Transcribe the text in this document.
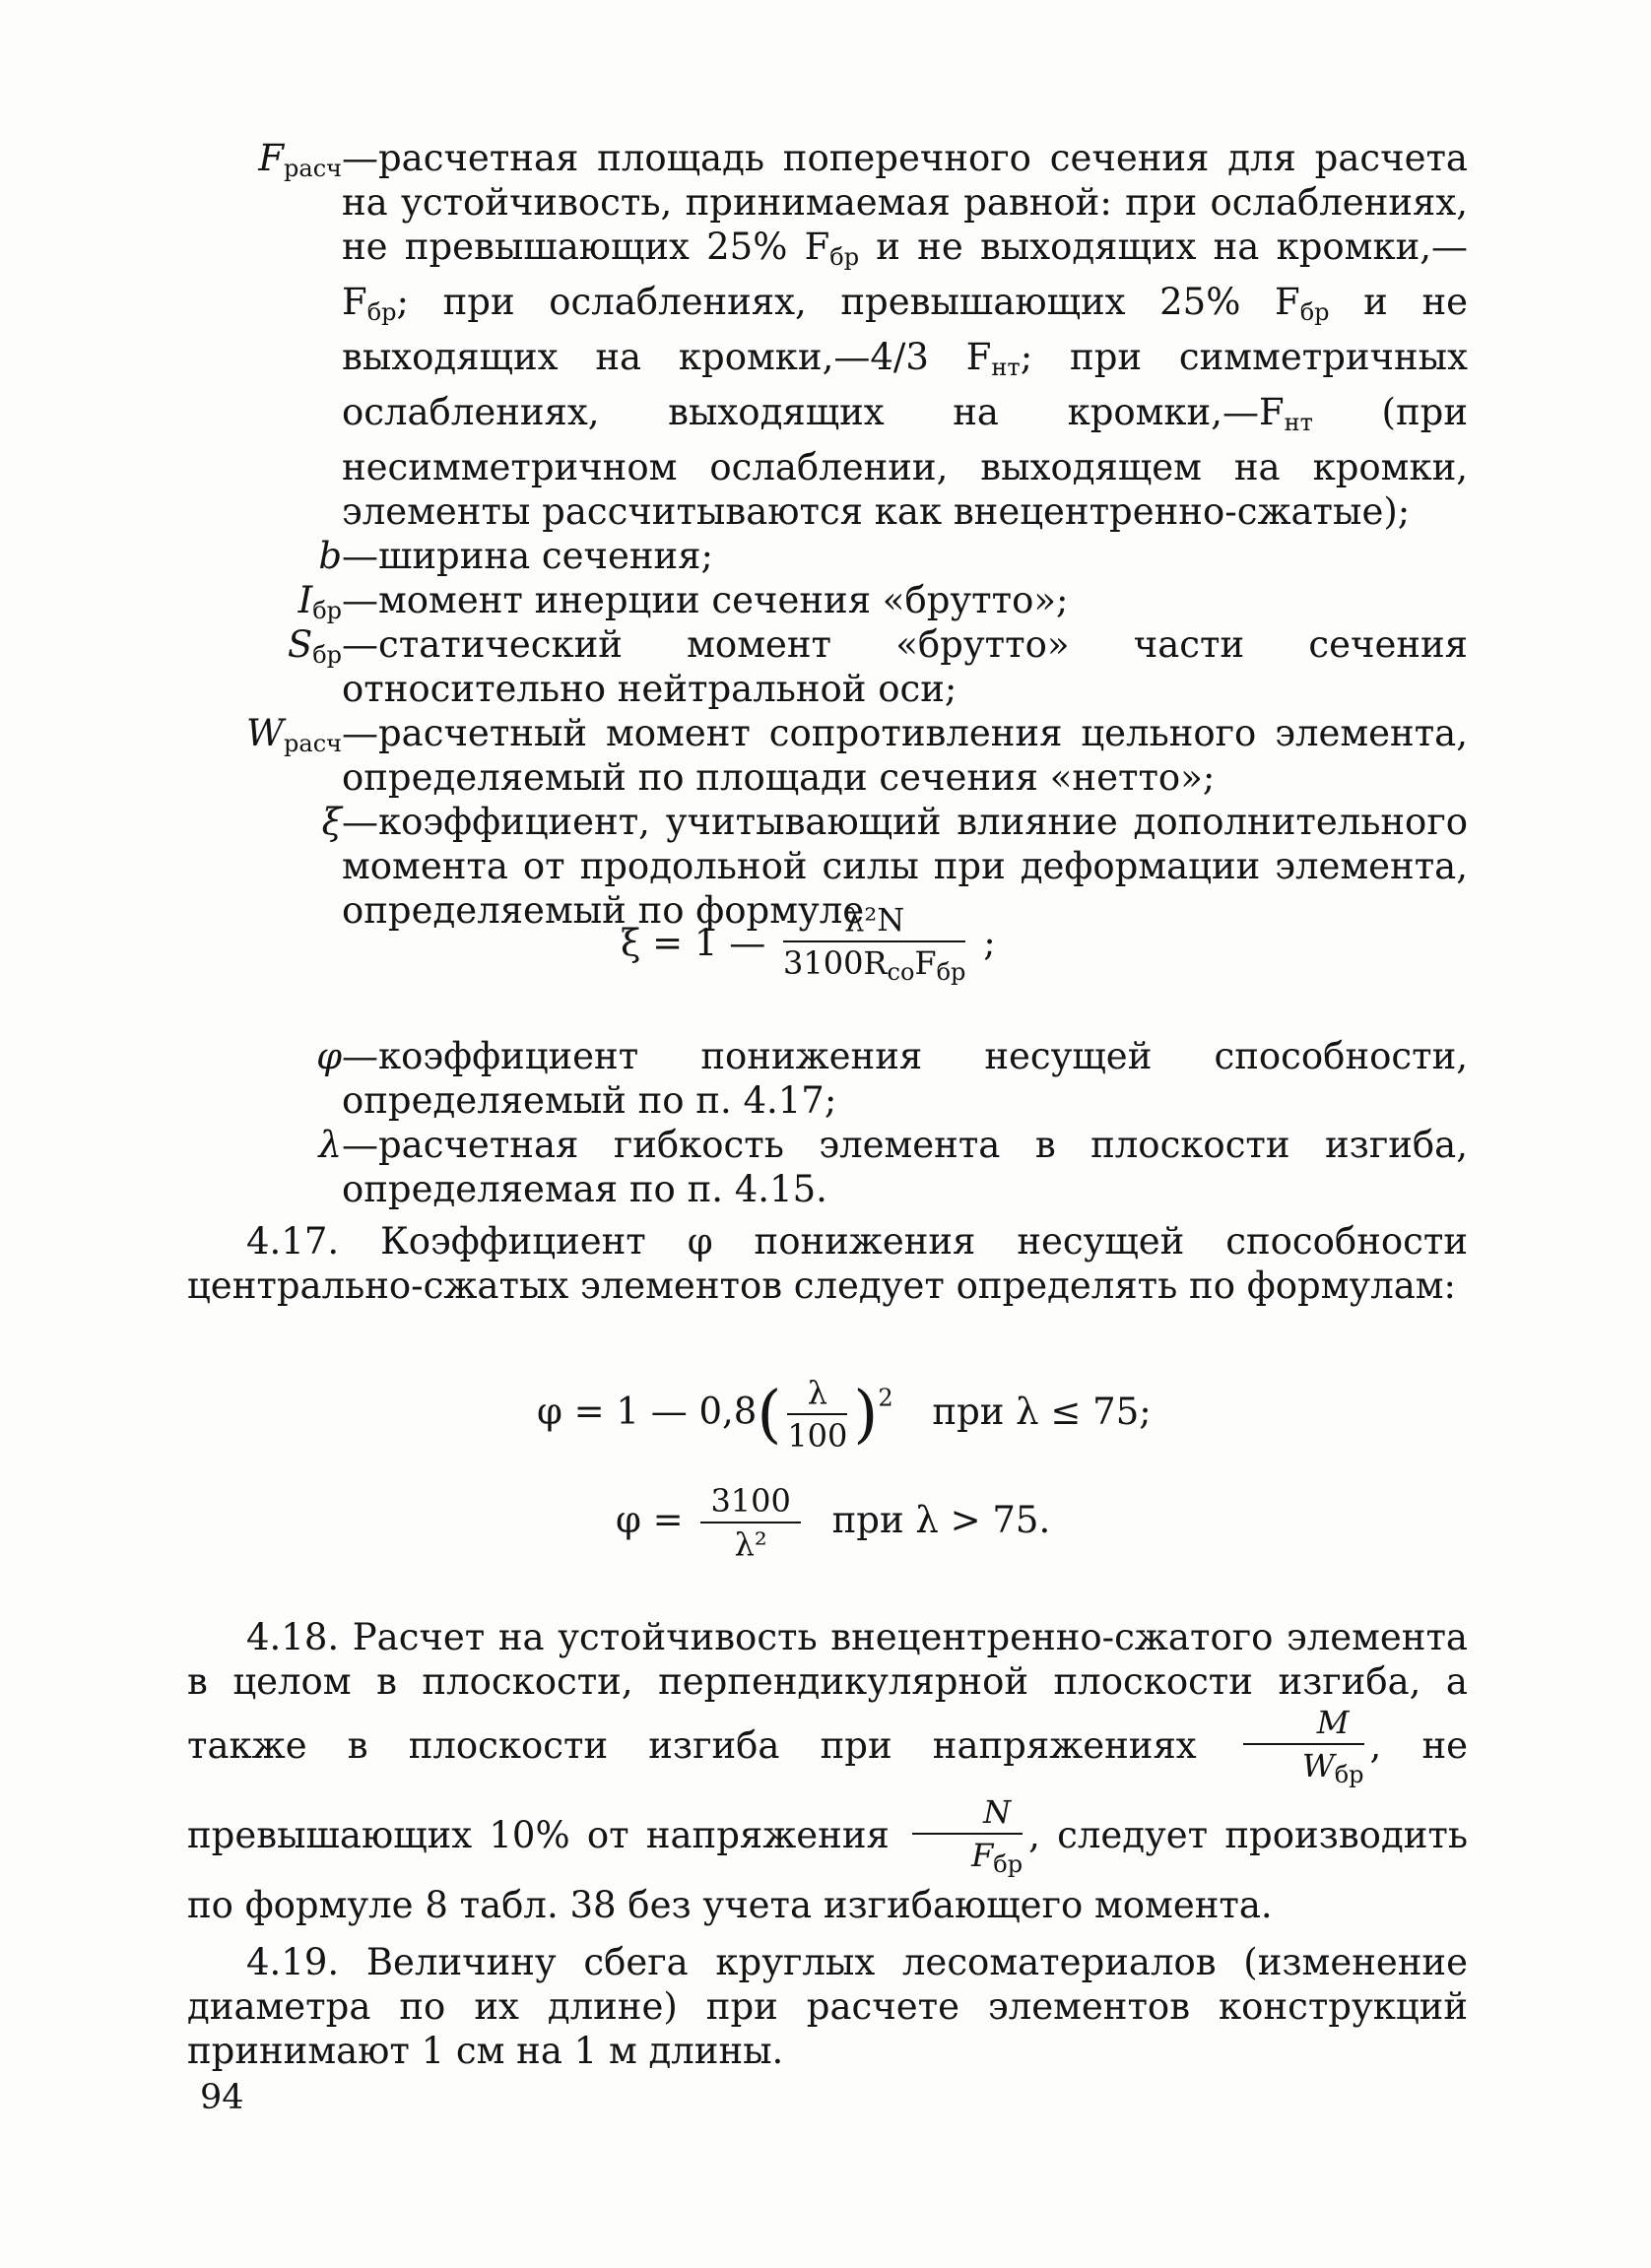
$F_{расч}$ —расчетная площадь поперечного сечения для расчета на устойчивость, принимаемая равной: при ослаблениях, не превышающих 25% Fбр и не выходящих на кромки,—Fбр; при ослаблениях, превышающих 25% Fбр и не выходящих на кромки,—4/3 Fнт; при симметричных ослаблениях, выходящих на кромки,—Fнт (при несимметричном ослаблении, выходящем на кромки, элементы рассчитываются как внецентренно-сжатые);

b —ширина сечения;

$I_{бр}$ —момент инерции сечения «брутто»;

$S_{бр}$ —статический момент «брутто» части сечения относительно нейтральной оси;

$W_{расч}$ —расчетный момент сопротивления цельного элемента, определяемый по площади сечения «нетто»;

ξ —коэффициент, учитывающий влияние дополнительного момента от продольной силы при деформации элемента, определяемый по формуле

ξ = 1 — $\frac{\text{λ²N}}{\text{3100RсоFбр}}$ ;

φ —коэффициент понижения несущей способности, определяемый по п. 4.17;

λ —расчетная гибкость элемента в плоскости изгиба, определяемая по п. 4.15.

4.17. Коэффициент φ понижения несущей способности центрально-сжатых элементов следует определять по формулам:

φ = 1 — $0,8( \frac{\lambda}{100} )^2$ при λ ≤ 75;
$\varphi = \frac{3100}{\text{λ²}}$ при λ > 75.

4.18. Расчет на устойчивость внецентренно-сжатого элемента в целом в плоскости, перпендикулярной плоскости изгиба, а также в плоскости изгиба при напряжениях $\frac{M}{\text{Wбр}}$ , не превышающих 10% от напряжения $\frac{N}{\text{Fбр}}$ , следует производить по формуле 8 табл. 38 без учета изгибающего момента.

4.19. Величину сбега круглых лесоматериалов (изменение диаметра по их длине) при расчете элементов конструкций принимают 1 см на 1 м длины.

94
